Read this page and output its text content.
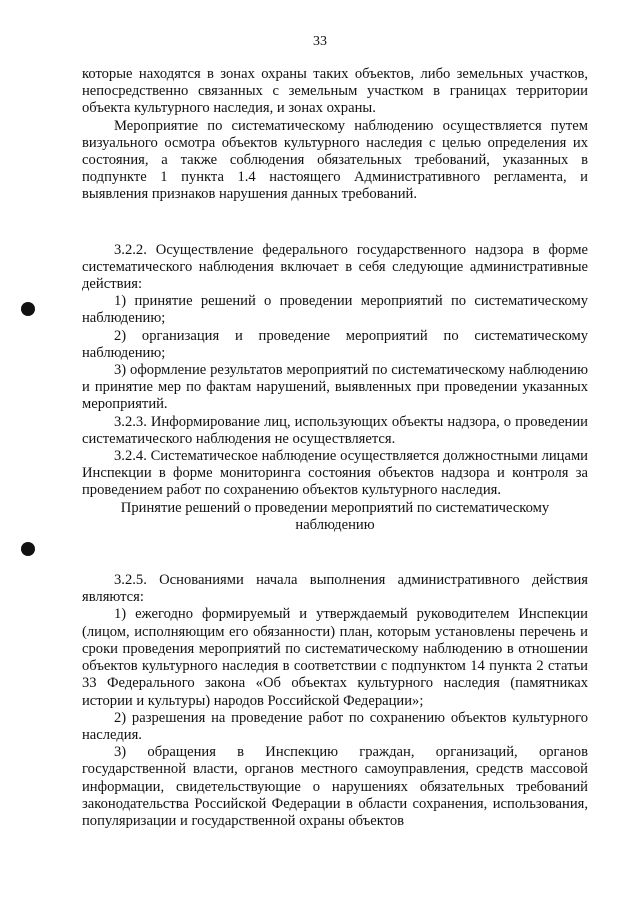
33

которые находятся в зонах охраны таких объектов, либо земельных участков, непосредственно связанных с земельным участком в границах территории объекта культурного наследия, и зонах охраны.

Мероприятие по систематическому наблюдению осуществляется путем визуального осмотра объектов культурного наследия с целью определения их состояния, а также соблюдения обязательных требований, указанных в подпункте 1 пункта 1.4 настоящего Административного регламента, и выявления признаков нарушения данных требований.

3.2.2. Осуществление федерального государственного надзора в форме систематического наблюдения включает в себя следующие административные действия:

1) принятие решений о проведении мероприятий по систематическому наблюдению;

2) организация и проведение мероприятий по систематическому наблюдению;

3) оформление результатов мероприятий по систематическому наблюдению и принятие мер по фактам нарушений, выявленных при проведении указанных мероприятий.

3.2.3. Информирование лиц, использующих объекты надзора, о проведении систематического наблюдения не осуществляется.

3.2.4. Систематическое наблюдение осуществляется должностными лицами Инспекции в форме мониторинга состояния объектов надзора и контроля за проведением работ по сохранению объектов культурного наследия.

Принятие решений о проведении мероприятий по систематическому
наблюдению

3.2.5. Основаниями начала выполнения административного действия являются:

1) ежегодно формируемый и утверждаемый руководителем Инспекции (лицом, исполняющим его обязанности) план, которым установлены перечень и сроки проведения мероприятий по систематическому наблюдению в отношении объектов культурного наследия в соответствии с подпунктом 14 пункта 2 статьи 33 Федерального закона «Об объектах культурного наследия (памятниках истории и культуры) народов Российской Федерации»;

2) разрешения на проведение работ по сохранению объектов культурного наследия.

3) обращения в Инспекцию граждан, организаций, органов государственной власти, органов местного самоуправления, средств массовой информации, свидетельствующие о нарушениях обязательных требований законодательства Российской Федерации в области сохранения, использования, популяризации и государственной охраны объектов
